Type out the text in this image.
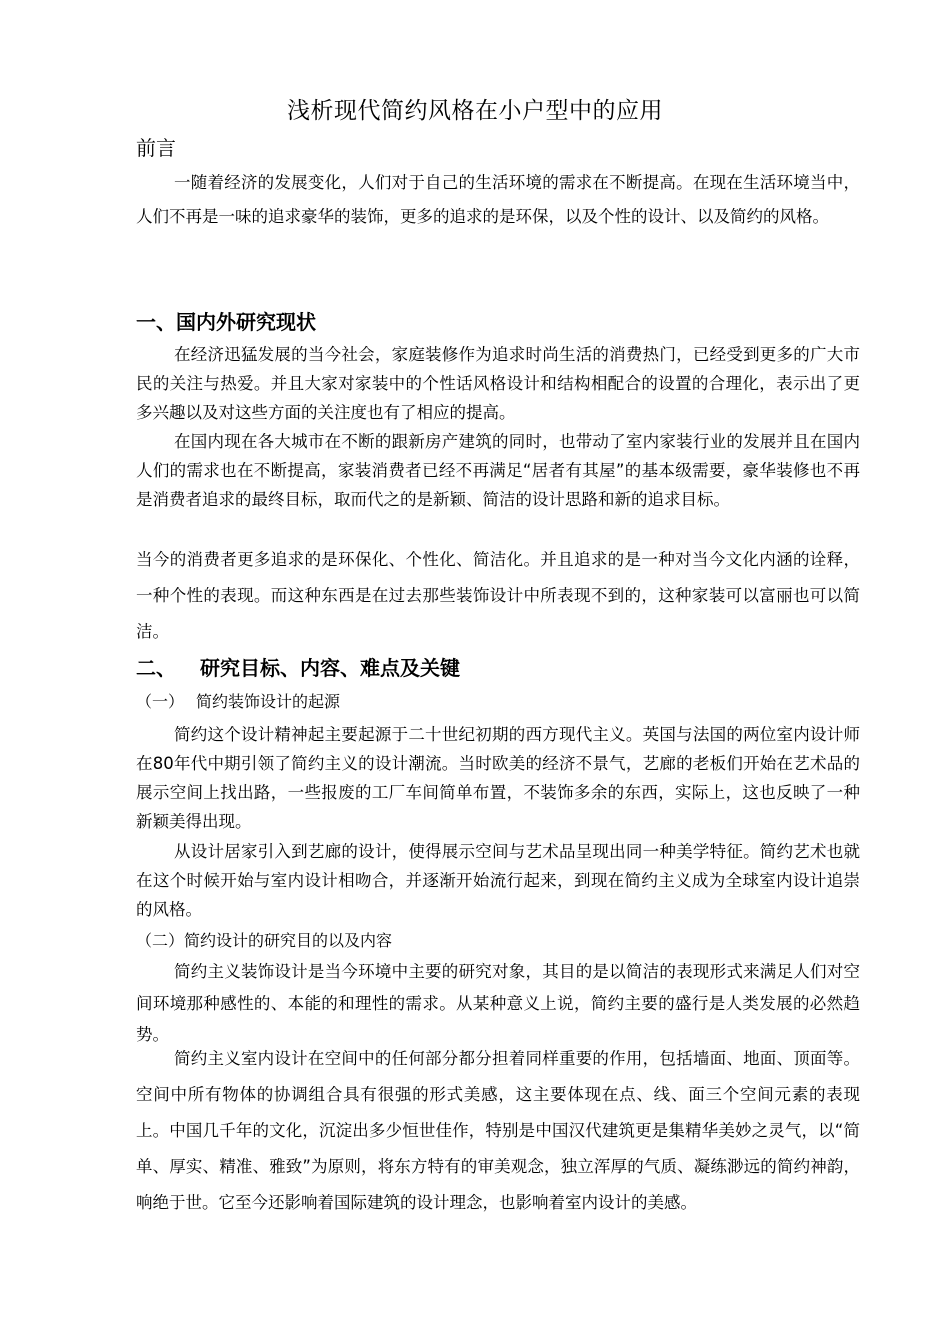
浅析现代简约风格在小户型中的应用
前言

一随着经济的发展变化，人们对于自己的生活环境的需求在不断提高。在现在生活环境当中，人们不再是一味的追求豪华的装饰，更多的追求的是环保，以及个性的设计、以及简约的风格。

一、国内外研究现状

在经济迅猛发展的当今社会，家庭装修作为追求时尚生活的消费热门，已经受到更多的广大市民的关注与热爱。并且大家对家装中的个性话风格设计和结构相配合的设置的合理化，表示出了更多兴趣以及对这些方面的关注度也有了相应的提高。

在国内现在各大城市在不断的跟新房产建筑的同时，也带动了室内家装行业的发展并且在国内人们的需求也在不断提高，家装消费者已经不再满足“居者有其屋”的基本级需要，豪华装修也不再是消费者追求的最终目标，取而代之的是新颖、简洁的设计思路和新的追求目标。

当今的消费者更多追求的是环保化、个性化、简洁化。并且追求的是一种对当今文化内涵的诠释，一种个性的表现。而这种东西是在过去那些装饰设计中所表现不到的，这种家装可以富丽也可以简洁。

二、 研究目标、内容、难点及关键
（一） 简约装饰设计的起源

简约这个设计精神起主要起源于二十世纪初期的西方现代主义。英国与法国的两位室内设计师在80年代中期引领了简约主义的设计潮流。当时欧美的经济不景气，艺廊的老板们开始在艺术品的展示空间上找出路，一些报废的工厂车间简单布置，不装饰多余的东西，实际上，这也反映了一种新颖美得出现。

从设计居家引入到艺廊的设计，使得展示空间与艺术品呈现出同一种美学特征。简约艺术也就在这个时候开始与室内设计相吻合，并逐渐开始流行起来，到现在简约主义成为全球室内设计追崇的风格。

（二）简约设计的研究目的以及内容

简约主义装饰设计是当今环境中主要的研究对象，其目的是以简洁的表现形式来满足人们对空间环境那种感性的、本能的和理性的需求。从某种意义上说，简约主要的盛行是人类发展的必然趋势。

简约主义室内设计在空间中的任何部分都分担着同样重要的作用，包括墙面、地面、顶面等。空间中所有物体的协调组合具有很强的形式美感，这主要体现在点、线、面三个空间元素的表现上。中国几千年的文化，沉淀出多少恒世佳作，特别是中国汉代建筑更是集精华美妙之灵气，以“简单、厚实、精准、雅致”为原则，将东方特有的审美观念，独立浑厚的气质、凝练渺远的简约神韵，响绝于世。它至今还影响着国际建筑的设计理念，也影响着室内设计的美感。
